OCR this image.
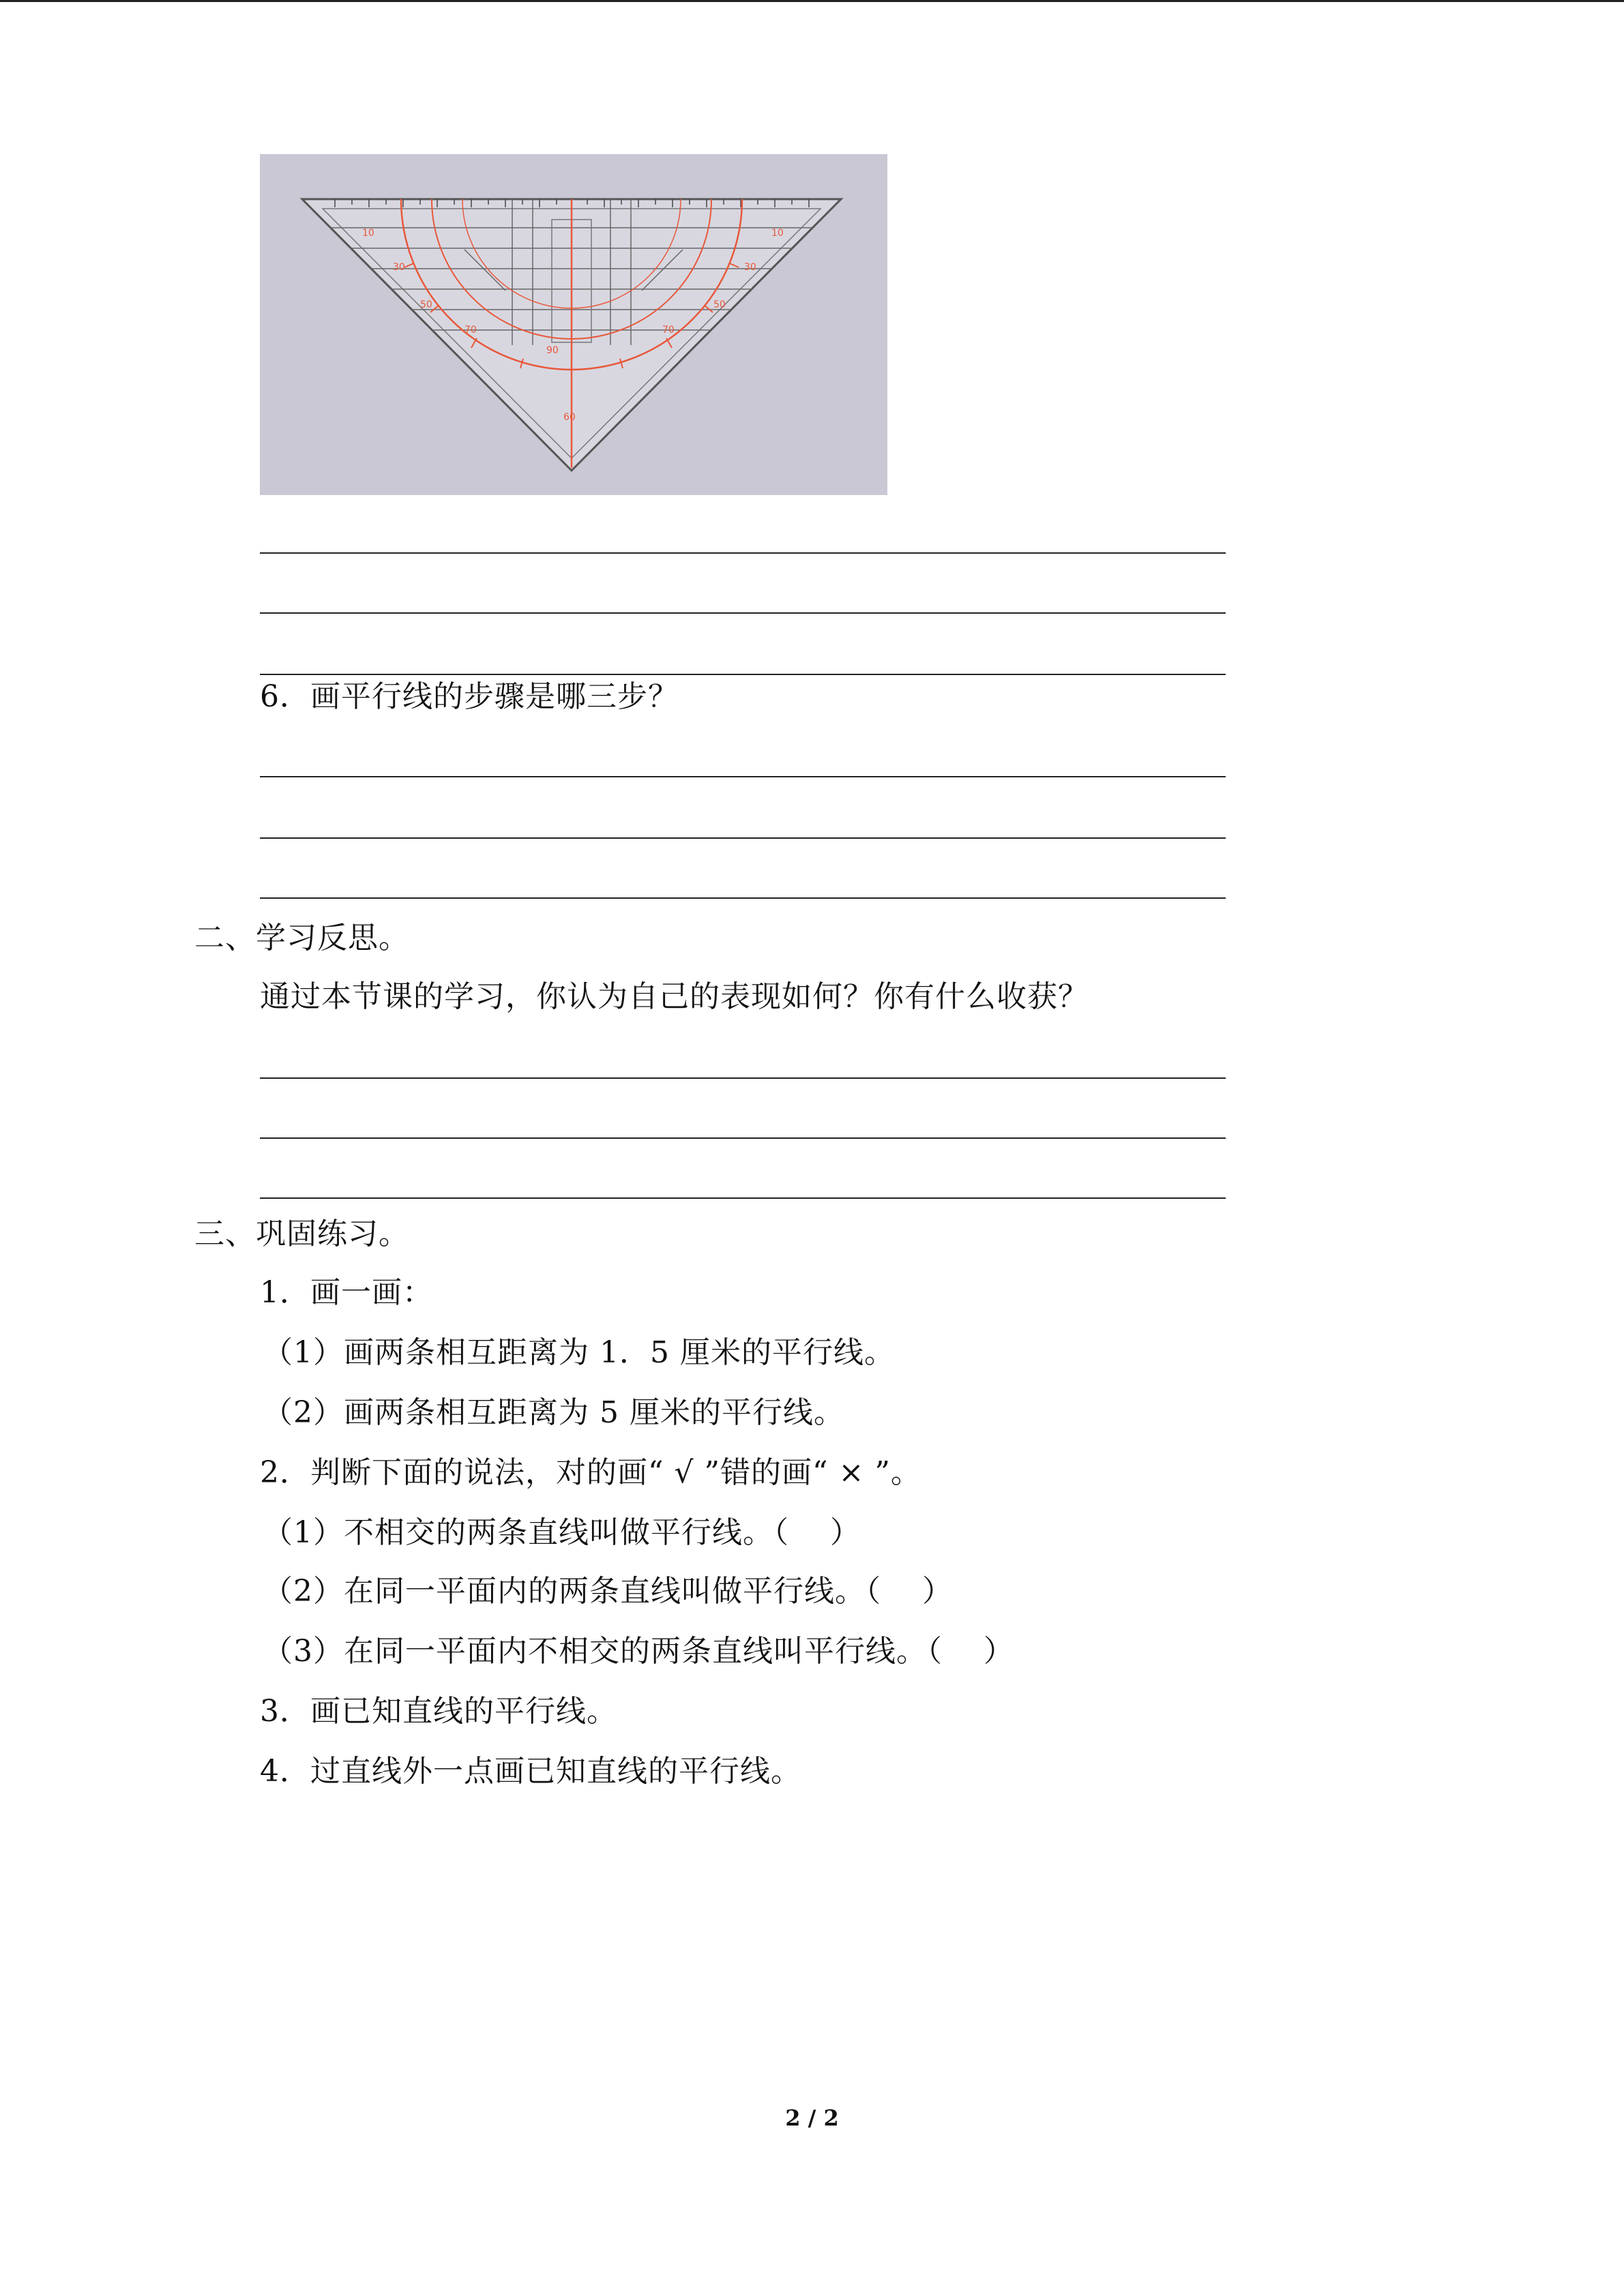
10
30
50
70
90
70
50
30
10
60
6．画平行线的步骤是哪三步？
二、学习反思。
通过本节课的学习，你认为自己的表现如何？你有什么收获？
三、巩固练习。
1．画一画：
（1）画两条相互距离为 1．5 厘米的平行线。
（2）画两条相互距离为 5 厘米的平行线。
2．判断下面的说法，对的画“ √ ”错的画“ × ”。
（1）不相交的两条直线叫做平行线。（　 ）
（2）在同一平面内的两条直线叫做平行线。（　 ）
（3）在同一平面内不相交的两条直线叫平行线。（　 ）
3．画已知直线的平行线。
4．过直线外一点画已知直线的平行线。
2 / 2
